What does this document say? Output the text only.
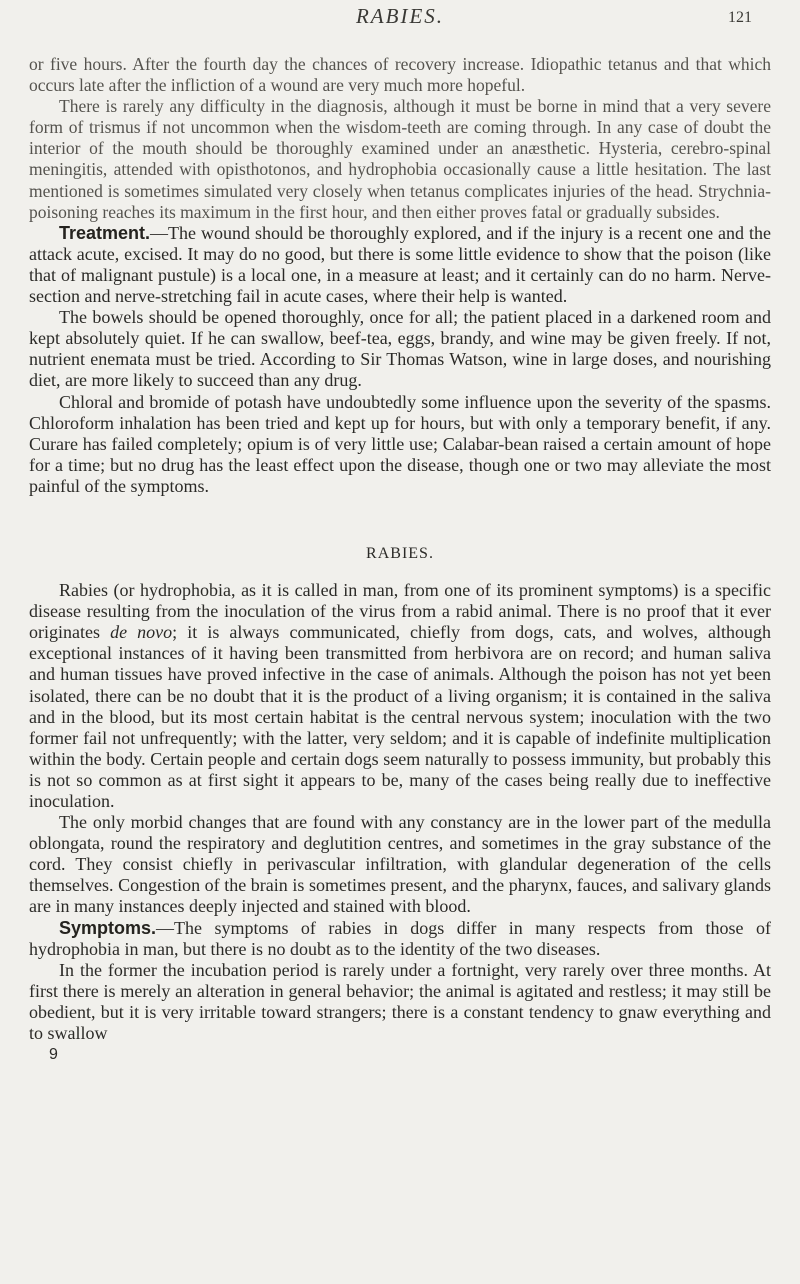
RABIES.	121

or five hours. After the fourth day the chances of recovery increase. Idiopathic tetanus and that which occurs late after the infliction of a wound are very much more hopeful.

There is rarely any difficulty in the diagnosis, although it must be borne in mind that a very severe form of trismus if not uncommon when the wisdom-teeth are coming through. In any case of doubt the interior of the mouth should be thoroughly examined under an anæsthetic. Hysteria, cerebro-spinal meningitis, attended with opisthotonos, and hydrophobia occasionally cause a little hesitation. The last mentioned is sometimes simulated very closely when tetanus complicates injuries of the head. Strychnia-poisoning reaches its maximum in the first hour, and then either proves fatal or gradually subsides.

Treatment.—The wound should be thoroughly explored, and if the injury is a recent one and the attack acute, excised. It may do no good, but there is some little evidence to show that the poison (like that of malignant pustule) is a local one, in a measure at least; and it certainly can do no harm. Nerve-section and nerve-stretching fail in acute cases, where their help is wanted.

The bowels should be opened thoroughly, once for all; the patient placed in a darkened room and kept absolutely quiet. If he can swallow, beef-tea, eggs, brandy, and wine may be given freely. If not, nutrient enemata must be tried. According to Sir Thomas Watson, wine in large doses, and nourishing diet, are more likely to succeed than any drug.

Chloral and bromide of potash have undoubtedly some influence upon the severity of the spasms. Chloroform inhalation has been tried and kept up for hours, but with only a temporary benefit, if any. Curare has failed completely; opium is of very little use; Calabar-bean raised a certain amount of hope for a time; but no drug has the least effect upon the disease, though one or two may alleviate the most painful of the symptoms.

RABIES.

Rabies (or hydrophobia, as it is called in man, from one of its prominent symptoms) is a specific disease resulting from the inoculation of the virus from a rabid animal. There is no proof that it ever originates de novo; it is always communicated, chiefly from dogs, cats, and wolves, although exceptional instances of it having been transmitted from herbivora are on record; and human saliva and human tissues have proved infective in the case of animals. Although the poison has not yet been isolated, there can be no doubt that it is the product of a living organism; it is contained in the saliva and in the blood, but its most certain habitat is the central nervous system; inoculation with the two former fail not unfrequently; with the latter, very seldom; and it is capable of indefinite multiplication within the body. Certain people and certain dogs seem naturally to possess immunity, but probably this is not so common as at first sight it appears to be, many of the cases being really due to ineffective inoculation.

The only morbid changes that are found with any constancy are in the lower part of the medulla oblongata, round the respiratory and deglutition centres, and sometimes in the gray substance of the cord. They consist chiefly in perivascular infiltration, with glandular degeneration of the cells themselves. Congestion of the brain is sometimes present, and the pharynx, fauces, and salivary glands are in many instances deeply injected and stained with blood.

Symptoms.—The symptoms of rabies in dogs differ in many respects from those of hydrophobia in man, but there is no doubt as to the identity of the two diseases.

In the former the incubation period is rarely under a fortnight, very rarely over three months. At first there is merely an alteration in general behavior; the animal is agitated and restless; it may still be obedient, but it is very irritable toward strangers; there is a constant tendency to gnaw everything and to swallow

9
